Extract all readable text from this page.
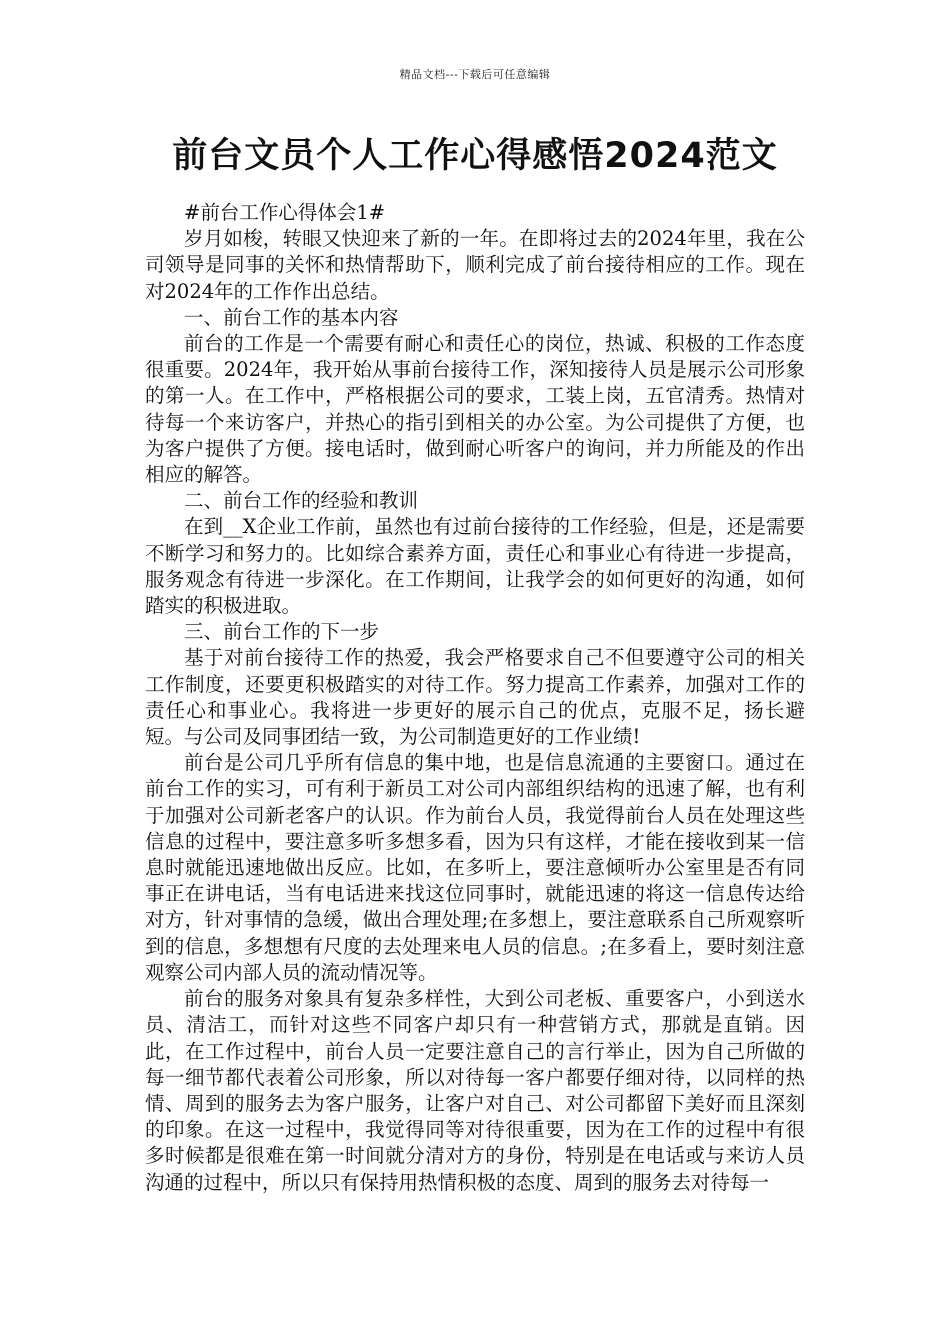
精品文档---下载后可任意编辑
前台文员个人工作心得感悟2024范文

#前台工作心得体会1#

岁月如梭，转眼又快迎来了新的一年。在即将过去的2024年里，我在公司领导是同事的关怀和热情帮助下，顺利完成了前台接待相应的工作。现在对2024年的工作作出总结。

一、前台工作的基本内容

前台的工作是一个需要有耐心和责任心的岗位，热诚、积极的工作态度很重要。2024年，我开始从事前台接待工作，深知接待人员是展示公司形象的第一人。在工作中，严格根据公司的要求，工装上岗，五官清秀。热情对待每一个来访客户，并热心的指引到相关的办公室。为公司提供了方便，也为客户提供了方便。接电话时，做到耐心听客户的询问，并力所能及的作出相应的解答。

二、前台工作的经验和教训

在到__X企业工作前，虽然也有过前台接待的工作经验，但是，还是需要不断学习和努力的。比如综合素养方面，责任心和事业心有待进一步提高，服务观念有待进一步深化。在工作期间，让我学会的如何更好的沟通，如何踏实的积极进取。

三、前台工作的下一步

基于对前台接待工作的热爱，我会严格要求自己不但要遵守公司的相关工作制度，还要更积极踏实的对待工作。努力提高工作素养，加强对工作的责任心和事业心。我将进一步更好的展示自己的优点，克服不足，扬长避短。与公司及同事团结一致，为公司制造更好的工作业绩!

前台是公司几乎所有信息的集中地，也是信息流通的主要窗口。通过在前台工作的实习，可有利于新员工对公司内部组织结构的迅速了解，也有利于加强对公司新老客户的认识。作为前台人员，我觉得前台人员在处理这些信息的过程中，要注意多听多想多看，因为只有这样，才能在接收到某一信息时就能迅速地做出反应。比如，在多听上，要注意倾听办公室里是否有同事正在讲电话，当有电话进来找这位同事时，就能迅速的将这一信息传达给对方，针对事情的急缓，做出合理处理;在多想上，要注意联系自己所观察听到的信息，多想想有尺度的去处理来电人员的信息。;在多看上，要时刻注意观察公司内部人员的流动情况等。

前台的服务对象具有复杂多样性，大到公司老板、重要客户，小到送水员、清洁工，而针对这些不同客户却只有一种营销方式，那就是直销。因此，在工作过程中，前台人员一定要注意自己的言行举止，因为自己所做的每一细节都代表着公司形象，所以对待每一客户都要仔细对待，以同样的热情、周到的服务去为客户服务，让客户对自己、对公司都留下美好而且深刻的印象。在这一过程中，我觉得同等对待很重要，因为在工作的过程中有很多时候都是很难在第一时间就分清对方的身份，特别是在电话或与来访人员沟通的过程中，所以只有保持用热情积极的态度、周到的服务去对待每一
